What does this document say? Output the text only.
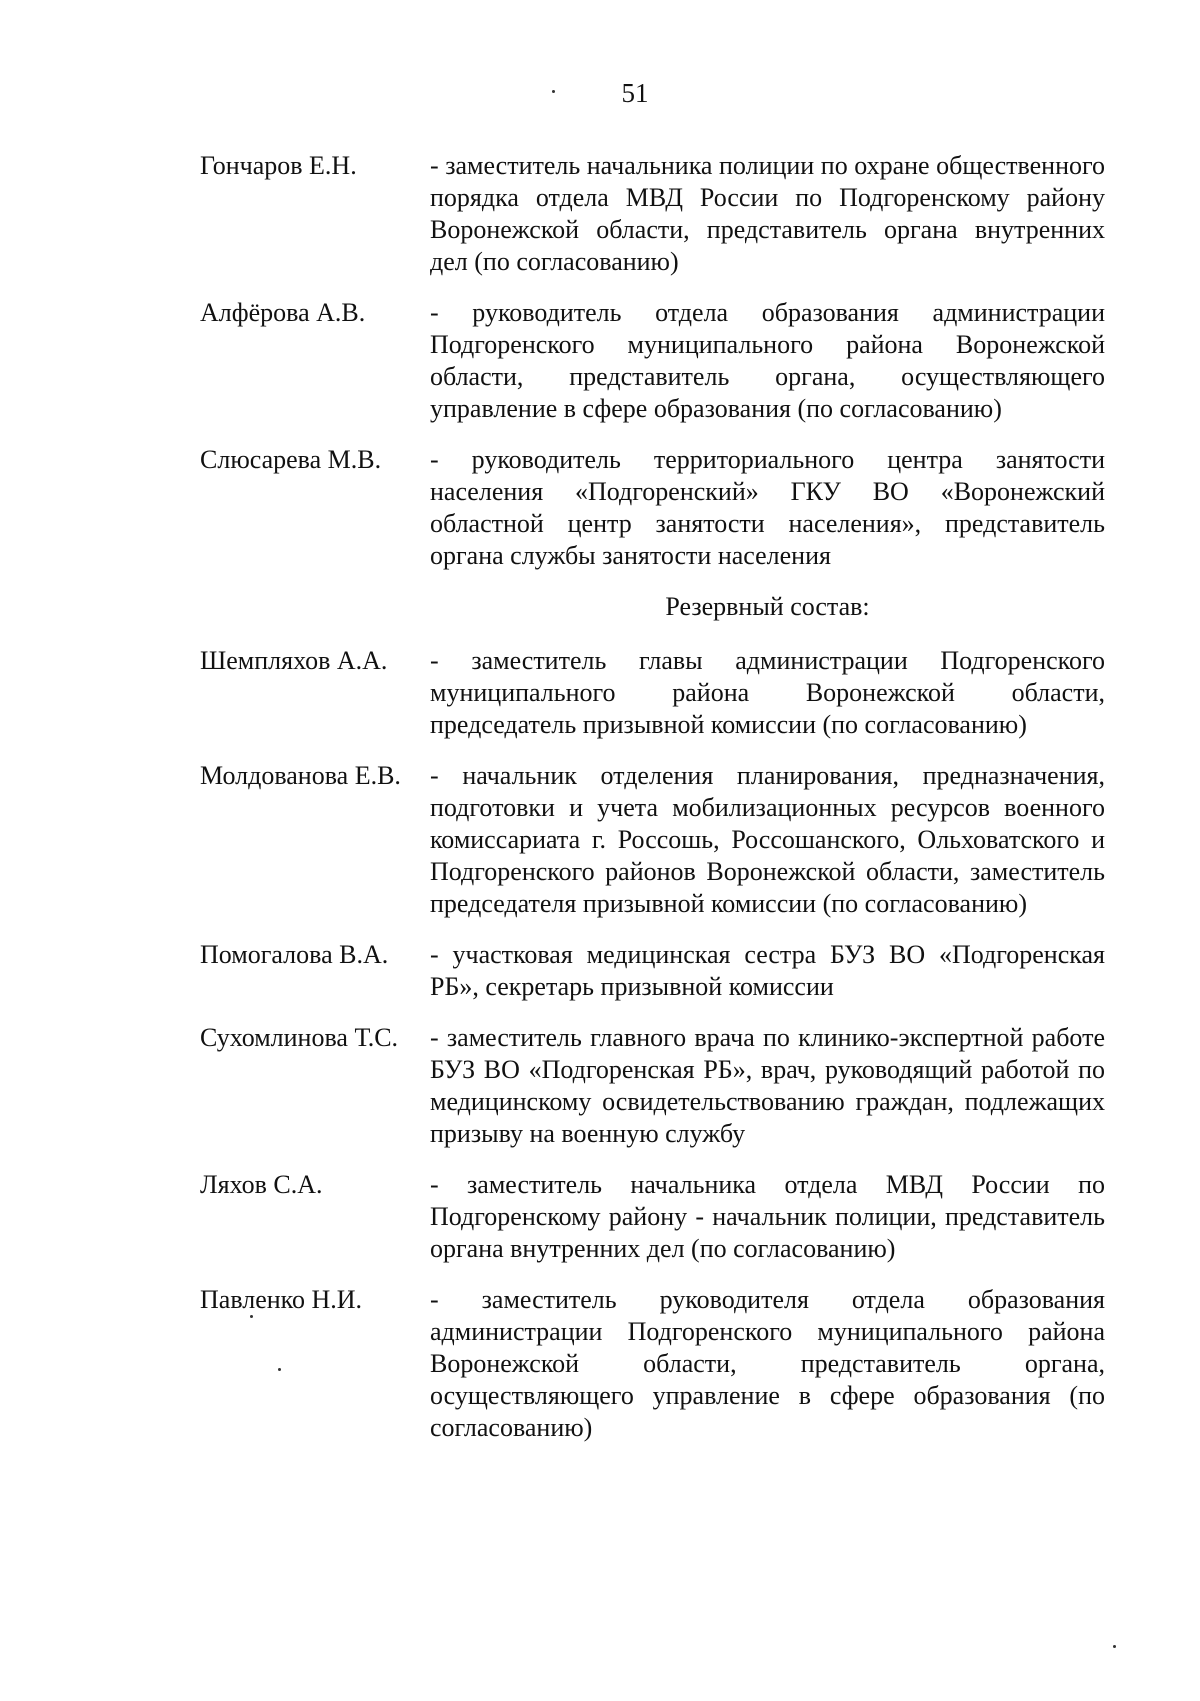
51
Гончаров Е.Н.	- заместитель начальника полиции по охране общественного порядка отдела МВД России по Подгоренскому району Воронежской области, представитель органа внутренних дел (по согласованию)
Алфёрова А.В.	- руководитель отдела образования администрации Подгоренского муниципального района Воронежской области, представитель органа, осуществляющего управление в сфере образования (по согласованию)
Слюсарева М.В.	- руководитель территориального центра занятости населения «Подгоренский» ГКУ ВО «Воронежский областной центр занятости населения», представитель органа службы занятости населения
Резервный состав:
Шемпляхов А.А.	- заместитель главы администрации Подгоренского муниципального района Воронежской области, председатель призывной комиссии (по согласованию)
Молдованова Е.В.	- начальник отделения планирования, предназначения, подготовки и учета мобилизационных ресурсов военного комиссариата г. Россошь, Россошанского, Ольховатского и Подгоренского районов Воронежской области, заместитель председателя призывной комиссии (по согласованию)
Помогалова В.А.	- участковая медицинская сестра БУЗ ВО «Подгоренская РБ», секретарь призывной комиссии
Сухомлинова Т.С.	- заместитель главного врача по клинико-экспертной работе БУЗ ВО «Подгоренская РБ», врач, руководящий работой по медицинскому освидетельствованию граждан, подлежащих призыву на военную службу
Ляхов С.А.	- заместитель начальника отдела МВД России по Подгоренскому району - начальник полиции, представитель органа внутренних дел (по согласованию)
Павленко Н.И.	- заместитель руководителя отдела образования администрации Подгоренского муниципального района Воронежской области, представитель органа, осуществляющего управление в сфере образования (по согласованию)
